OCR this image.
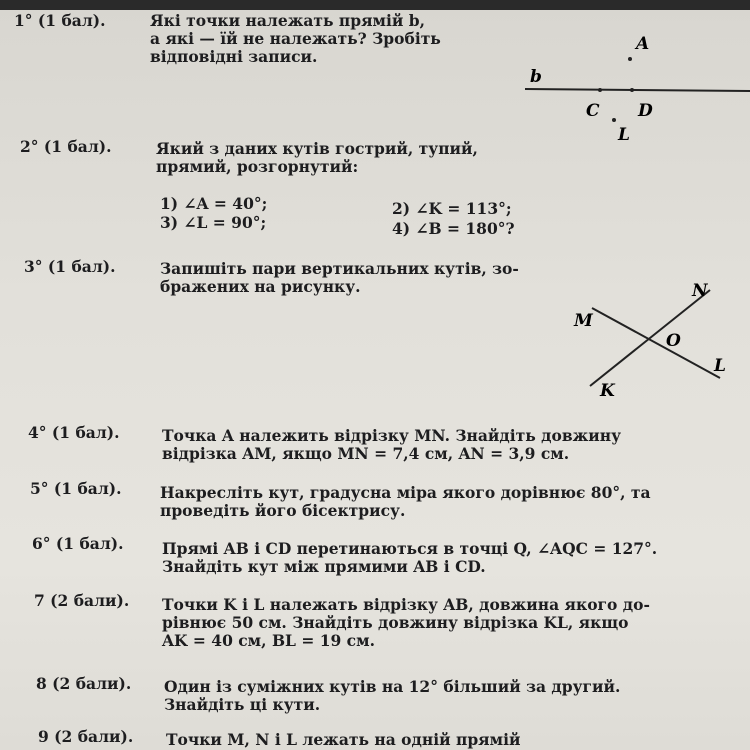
1° (1 бал).	Які точки належать прямій b,
а які — їй не належать? Зробіть
відповідні записи.
b
A
C D
L
2° (1 бал).	Який з даних кутів гострий, тупий,
прямий, розгорнутий:
1) ∠A = 40°;	2) ∠K = 113°;
3) ∠L = 90°;	4) ∠B = 180°?
3° (1 бал).	Запишіть пари вертикальних кутів, зо-
бражених на рисунку.
M
N
O
L
K
4° (1 бал).	Точка A належить відрізку MN. Знайдіть довжину
відрізка AM, якщо MN = 7,4 см, AN = 3,9 см.
5° (1 бал). Накресліть кут, градусна міра якого дорівнює 80°, та
проведіть його бісектрису.
6° (1 бал). Прямі AB і CD перетинаються в точці Q, ∠AQC = 127°.
Знайдіть кут між прямими AB і CD.
7 (2 бали). Точки K і L належать відрізку AB, довжина якого до-
рівнює 50 см. Знайдіть довжину відрізка KL, якщо
AK = 40 см, BL = 19 см.
8 (2 бали). Один із суміжних кутів на 12° більший за другий.
Знайдіть ці кути.
9 (2 бали). Точки M, N і L лежать на одній прямій
